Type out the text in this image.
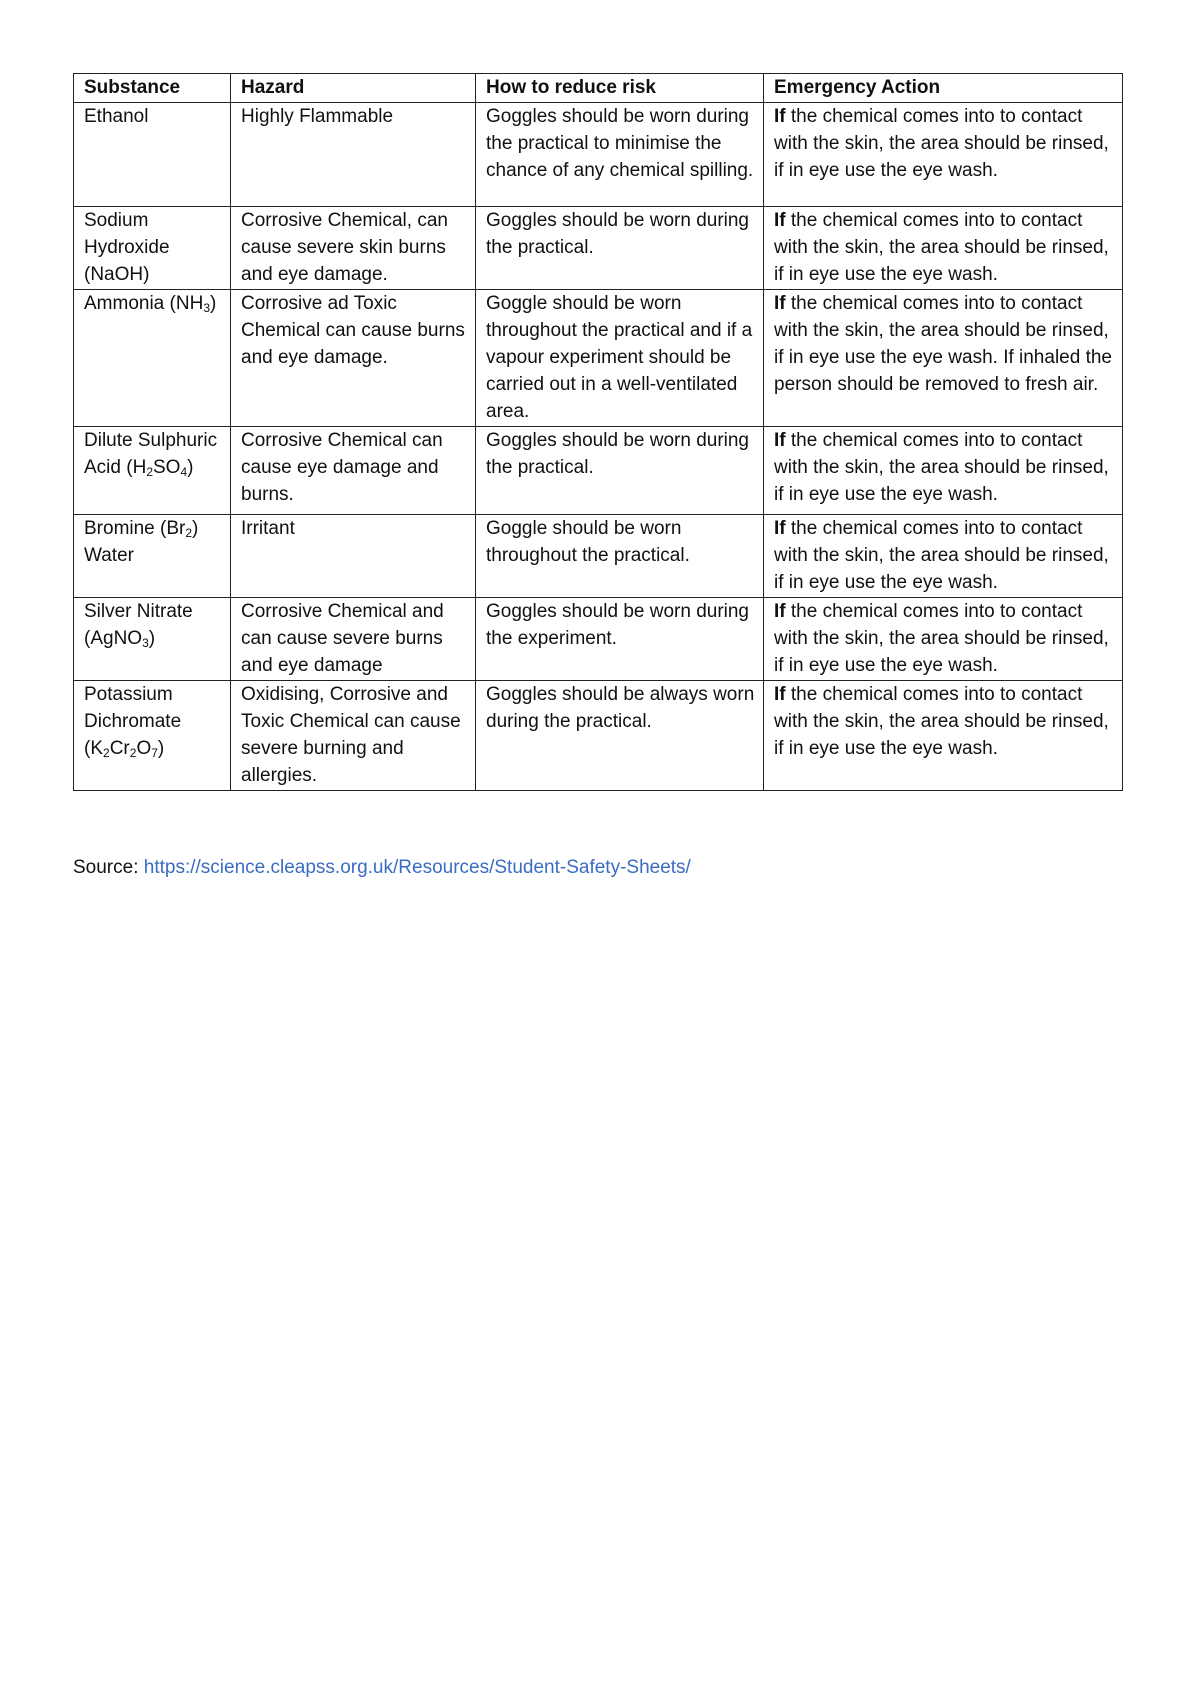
Substance	Hazard	How to reduce risk	Emergency Action
Ethanol	Highly Flammable	Goggles should be worn during the practical to minimise the chance of any chemical spilling.	If the chemical comes into to contact with the skin, the area should be rinsed, if in eye use the eye wash.

Sodium Hydroxide (NaOH)	Corrosive Chemical, can cause severe skin burns and eye damage.	Goggles should be worn during the practical.	If the chemical comes into to contact with the skin, the area should be rinsed, if in eye use the eye wash.

Ammonia $(NH_3)$	Corrosive ad Toxic Chemical can cause burns and eye damage.	Goggle should be worn throughout the practical and if a vapour experiment should be carried out in a well-ventilated area.	If the chemical comes into to contact with the skin, the area should be rinsed, if in eye use the eye wash. If inhaled the person should be removed to fresh air.

Dilute Sulphuric Acid $(H_2SO_4)$	Corrosive Chemical can cause eye damage and burns.	Goggles should be worn during the practical.	If the chemical comes into to contact with the skin, the area should be rinsed, if in eye use the eye wash.

Bromine $(Br_2)$ Water	Irritant	Goggle should be worn throughout the practical.	If the chemical comes into to contact with the skin, the area should be rinsed, if in eye use the eye wash.

Silver Nitrate (AgNO$_3$)	Corrosive Chemical and can cause severe burns and eye damage	Goggles should be worn during the experiment.	If the chemical comes into to contact with the skin, the area should be rinsed, if in eye use the eye wash.

Potassium Dichromate $(K_2Cr_2O_7)$	Oxidising, Corrosive and Toxic Chemical can cause severe burning and allergies.	Goggles should be always worn during the practical.	If the chemical comes into to contact with the skin, the area should be rinsed, if in eye use the eye wash.
Source: https://science.cleapss.org.uk/Resources/Student-Safety-Sheets/
